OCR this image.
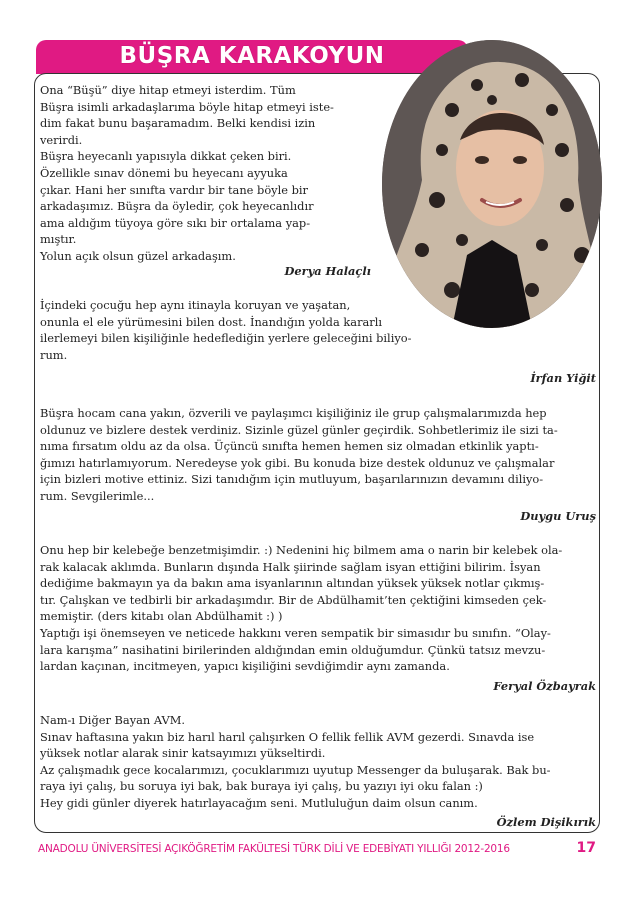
BÜŞRA KARAKOYUN

Ona “Büşü” diye hitap etmeyi isterdim. Tüm
Büşra isimli arkadaşlarıma böyle hitap etmeyi iste-
dim fakat bunu başaramadım. Belki kendisi izin
verirdi.
Büşra heyecanlı yapısıyla dikkat çeken biri.
Özellikle sınav dönemi bu heyecanı ayyuka
çıkar. Hani her sınıfta vardır bir tane böyle bir
arkadaşımız. Büşra da öyledir, çok heyecanlıdır
ama aldığım tüyoya göre sıkı bir ortalama yap-
mıştır.
Yolun açık olsun güzel arkadaşım.

Derya Halaçlı

İçindeki çocuğu hep aynı itinayla koruyan ve yaşatan,
onunla el ele yürümesini bilen dost. İnandığın yolda kararlı
ilerlemeyi bilen kişiliğinle hedeflediğin yerlere geleceğini biliyo-
rum.

İrfan Yiğit

Büşra hocam cana yakın, özverili ve paylaşımcı kişiliğiniz ile grup çalışmalarımızda hep
oldunuz ve bizlere destek verdiniz. Sizinle güzel günler geçirdik. Sohbetlerimiz ile sizi ta-
nıma fırsatım oldu az da olsa. Üçüncü sınıfta hemen hemen siz olmadan etkinlik yaptı-
ğımızı hatırlamıyorum. Neredeyse yok gibi. Bu konuda bize destek oldunuz ve çalışmalar
için bizleri motive ettiniz. Sizi tanıdığım için mutluyum, başarılarınızın devamını diliyo-
rum. Sevgilerimle...

Duygu Uruş

Onu hep bir kelebeğe benzetmişimdir. :) Nedenini hiç bilmem ama o narin bir kelebek ola-
rak kalacak aklımda. Bunların dışında Halk şiirinde sağlam isyan ettiğini bilirim. İsyan
dediğime bakmayın ya da bakın ama isyanlarının altından yüksek yüksek notlar çıkmış-
tır. Çalışkan ve tedbirli bir arkadaşımdır. Bir de Abdülhamit’ten çektiğini kimseden çek-
memiştir. (ders kitabı olan Abdülhamit :) )
Yaptığı işi önemseyen ve neticede hakkını veren sempatik bir simasıdır bu sınıfın. “Olay-
lara karışma” nasihatini birilerinden aldığından emin olduğumdur. Çünkü tatsız mevzu-
lardan kaçınan, incitmeyen, yapıcı kişiliğini sevdiğimdir aynı zamanda.

Feryal Özbayrak

Nam-ı Diğer Bayan AVM.
Sınav haftasına yakın biz harıl harıl çalışırken O fellik fellik AVM gezerdi. Sınavda ise
yüksek notlar alarak sinir katsayımızı yükseltirdi.
Az çalışmadık gece kocalarımızı, çocuklarımızı uyutup Messenger da buluşarak. Bak bu-
raya iyi çalış, bu soruya iyi bak, bak buraya iyi çalış, bu yazıyı iyi oku falan :)
Hey gidi günler diyerek hatırlayacağım seni. Mutluluğun daim olsun canım.

Özlem Dişikırık
ANADOLU ÜNİVERSİTESİ AÇIKÖĞRETİM FAKÜLTESİ TÜRK DİLİ VE EDEBİYATI YILLIĞI 2012-2016	17
